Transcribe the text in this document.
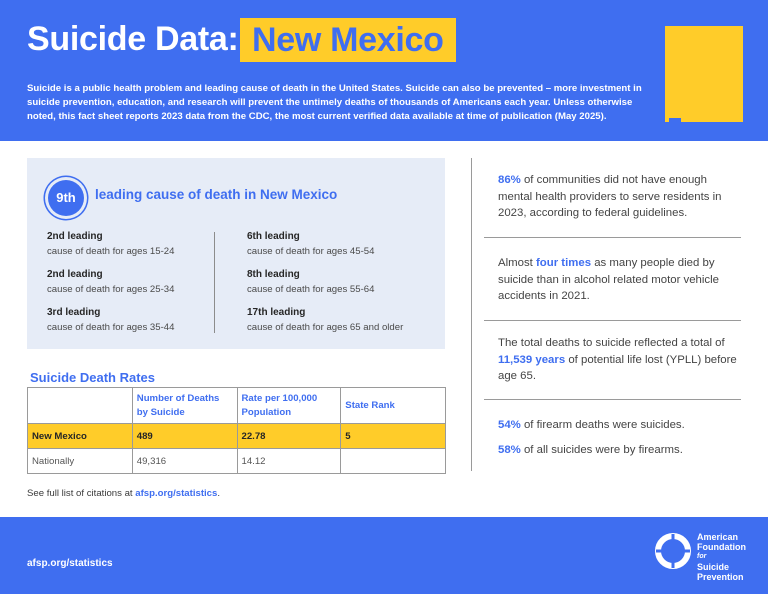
Suicide Data: New Mexico

Suicide is a public health problem and leading cause of death in the United States. Suicide can also be prevented – more investment in suicide prevention, education, and research will prevent the untimely deaths of thousands of Americans each year. Unless otherwise noted, this fact sheet reports 2023 data from the CDC, the most current verified data available at time of publication (May 2025).

9th	leading cause of death in New Mexico
2nd leading
cause of death for ages 15-24
2nd leading
cause of death for ages 25-34
3rd leading
cause of death for ages 35-44
6th leading
cause of death for ages 45-54
8th leading
cause of death for ages 55-64
17th leading
cause of death for ages 65 and older
Suicide Death Rates
	Number of Deaths by Suicide	Rate per 100,000 Population	State Rank
New Mexico	489	22.78	5
Nationally	49,316	14.12	
See full list of citations at afsp.org/statistics.

86% of communities did not have enough mental health providers to serve residents in 2023, according to federal guidelines.

Almost four times as many people died by suicide than in alcohol related motor vehicle accidents in 2021.

The total deaths to suicide reflected a total of 11,539 years of potential life lost (YPLL) before age 65.

54% of firearm deaths were suicides.

58% of all suicides were by firearms.

afsp.org/statistics
American
Foundation
for
Suicide
Prevention
